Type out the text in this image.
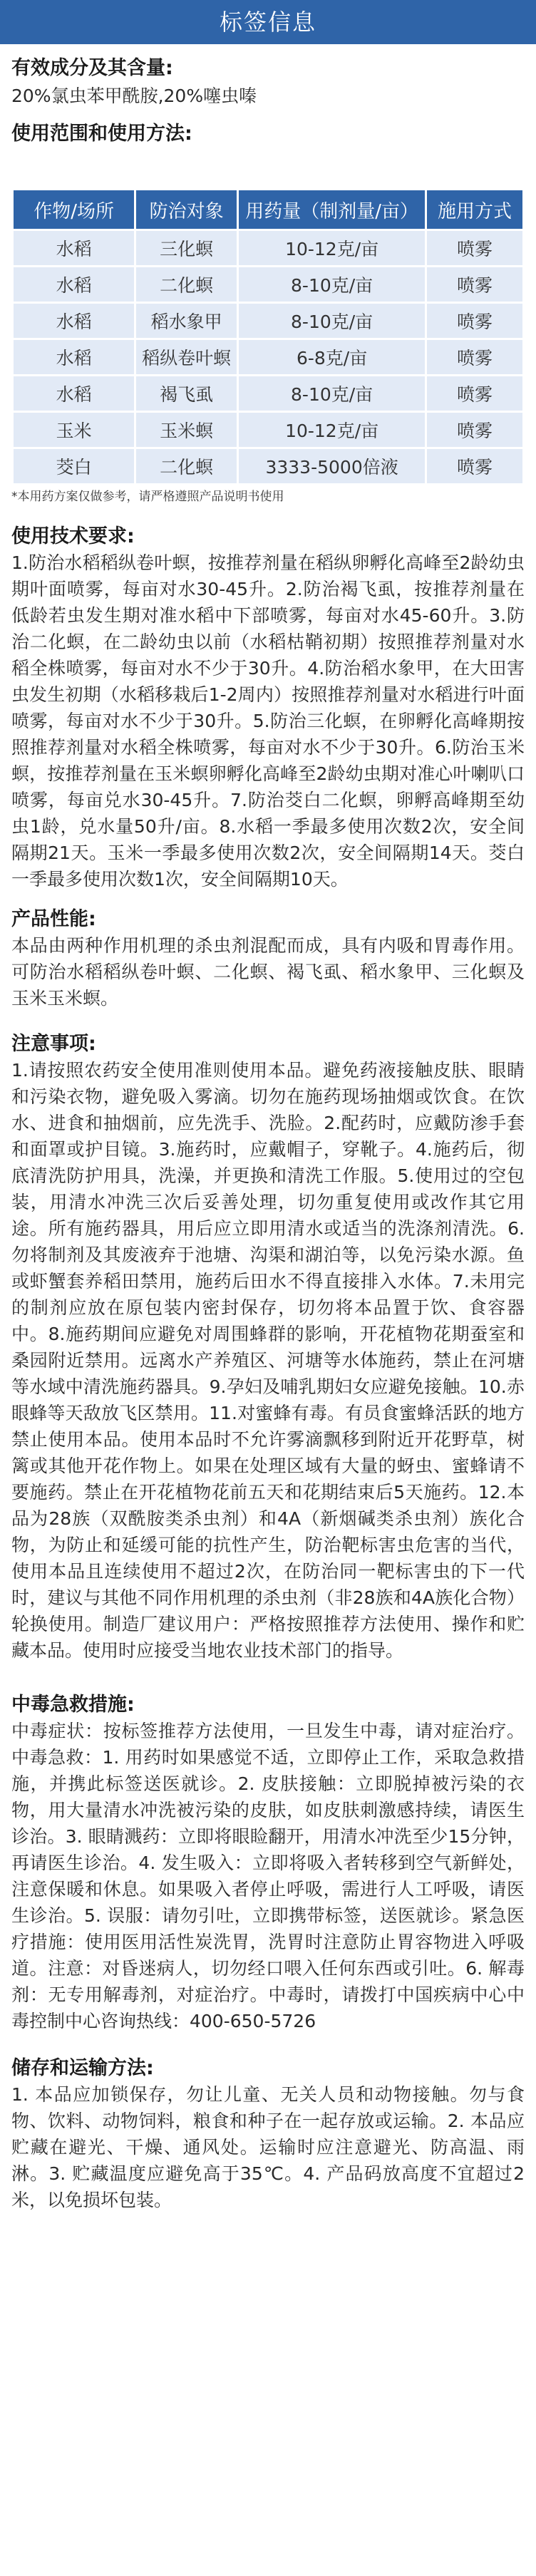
标签信息

有效成分及其含量:

20%氯虫苯甲酰胺,20%噻虫嗪

使用范围和使用方法:

作物/场所	防治对象	用药量（制剂量/亩）	施用方式
水稻	三化螟	10-12克/亩	喷雾
水稻	二化螟	8-10克/亩	喷雾
水稻	稻水象甲	8-10克/亩	喷雾
水稻	稻纵卷叶螟	6-8克/亩	喷雾
水稻	褐飞虱	8-10克/亩	喷雾
玉米	玉米螟	10-12克/亩	喷雾
茭白	二化螟	3333-5000倍液	喷雾

*本用药方案仅做参考，请严格遵照产品说明书使用

使用技术要求:

1.防治水稻稻纵卷叶螟，按推荐剂量在稻纵卵孵化高峰至2龄幼虫期叶面喷雾，每亩对水30-45升。2.防治褐飞虱，按推荐剂量在低龄若虫发生期对准水稻中下部喷雾，每亩对水45-60升。3.防治二化螟，在二龄幼虫以前（水稻枯鞘初期）按照推荐剂量对水稻全株喷雾，每亩对水不少于30升。4.防治稻水象甲，在大田害虫发生初期（水稻移栽后1-2周内）按照推荐剂量对水稻进行叶面喷雾，每亩对水不少于30升。5.防治三化螟，在卵孵化高峰期按照推荐剂量对水稻全株喷雾，每亩对水不少于30升。6.防治玉米螟，按推荐剂量在玉米螟卵孵化高峰至2龄幼虫期对准心叶喇叭口喷雾，每亩兑水30-45升。7.防治茭白二化螟，卵孵高峰期至幼虫1龄，兑水量50升/亩。8.水稻一季最多使用次数2次，安全间隔期21天。玉米一季最多使用次数2次，安全间隔期14天。茭白一季最多使用次数1次，安全间隔期10天。

产品性能:

本品由两种作用机理的杀虫剂混配而成，具有内吸和胃毒作用。可防治水稻稻纵卷叶螟、二化螟、褐飞虱、稻水象甲、三化螟及玉米玉米螟。

注意事项:

1.请按照农药安全使用准则使用本品。避免药液接触皮肤、眼睛和污染衣物，避免吸入雾滴。切勿在施药现场抽烟或饮食。在饮水、进食和抽烟前，应先洗手、洗脸。2.配药时，应戴防渗手套和面罩或护目镜。3.施药时，应戴帽子，穿靴子。4.施药后，彻底清洗防护用具，洗澡，并更换和清洗工作服。5.使用过的空包装，用清水冲洗三次后妥善处理，切勿重复使用或改作其它用途。所有施药器具，用后应立即用清水或适当的洗涤剂清洗。6.勿将制剂及其废液弃于池塘、沟渠和湖泊等，以免污染水源。鱼或虾蟹套养稻田禁用，施药后田水不得直接排入水体。7.未用完的制剂应放在原包装内密封保存，切勿将本品置于饮、食容器中。8.施药期间应避免对周围蜂群的影响，开花植物花期蚕室和桑园附近禁用。远离水产养殖区、河塘等水体施药，禁止在河塘等水域中清洗施药器具。9.孕妇及哺乳期妇女应避免接触。10.赤眼蜂等天敌放飞区禁用。11.对蜜蜂有毒。有员食蜜蜂活跃的地方禁止使用本品。使用本品时不允许雾滴飘移到附近开花野草，树篱或其他开花作物上。如果在处理区域有大量的蚜虫、蜜蜂请不要施药。禁止在开花植物花前五天和花期结束后5天施药。12.本品为28族（双酰胺类杀虫剂）和4A（新烟碱类杀虫剂）族化合物，为防止和延缓可能的抗性产生，防治靶标害虫危害的当代，使用本品且连续使用不超过2次，在防治同一靶标害虫的下一代时，建议与其他不同作用机理的杀虫剂（非28族和4A族化合物）轮换使用。制造厂建议用户：严格按照推荐方法使用、操作和贮藏本品。使用时应接受当地农业技术部门的指导。

中毒急救措施:

中毒症状：按标签推荐方法使用，一旦发生中毒，请对症治疗。 中毒急救：1. 用药时如果感觉不适，立即停止工作，采取急救措施，并携此标签送医就诊。2. 皮肤接触：立即脱掉被污染的衣物，用大量清水冲洗被污染的皮肤，如皮肤刺激感持续，请医生诊治。3. 眼睛溅药：立即将眼睑翻开，用清水冲洗至少15分钟，再请医生诊治。4. 发生吸入：立即将吸入者转移到空气新鲜处，注意保暖和休息。如果吸入者停止呼吸，需进行人工呼吸，请医生诊治。5. 误服：请勿引吐，立即携带标签，送医就诊。紧急医疗措施：使用医用活性炭洗胃，洗胃时注意防止胃容物进入呼吸道。注意：对昏迷病人，切勿经口喂入任何东西或引吐。6. 解毒剂：无专用解毒剂，对症治疗。中毒时，请拨打中国疾病中心中毒控制中心咨询热线：400-650-5726

储存和运输方法:

1. 本品应加锁保存，勿让儿童、无关人员和动物接触。勿与食物、饮料、动物饲料，粮食和种子在一起存放或运输。2. 本品应贮藏在避光、干燥、通风处。运输时应注意避光、防高温、雨淋。3. 贮藏温度应避免高于35℃。4. 产品码放高度不宜超过2米，以免损坏包装。
